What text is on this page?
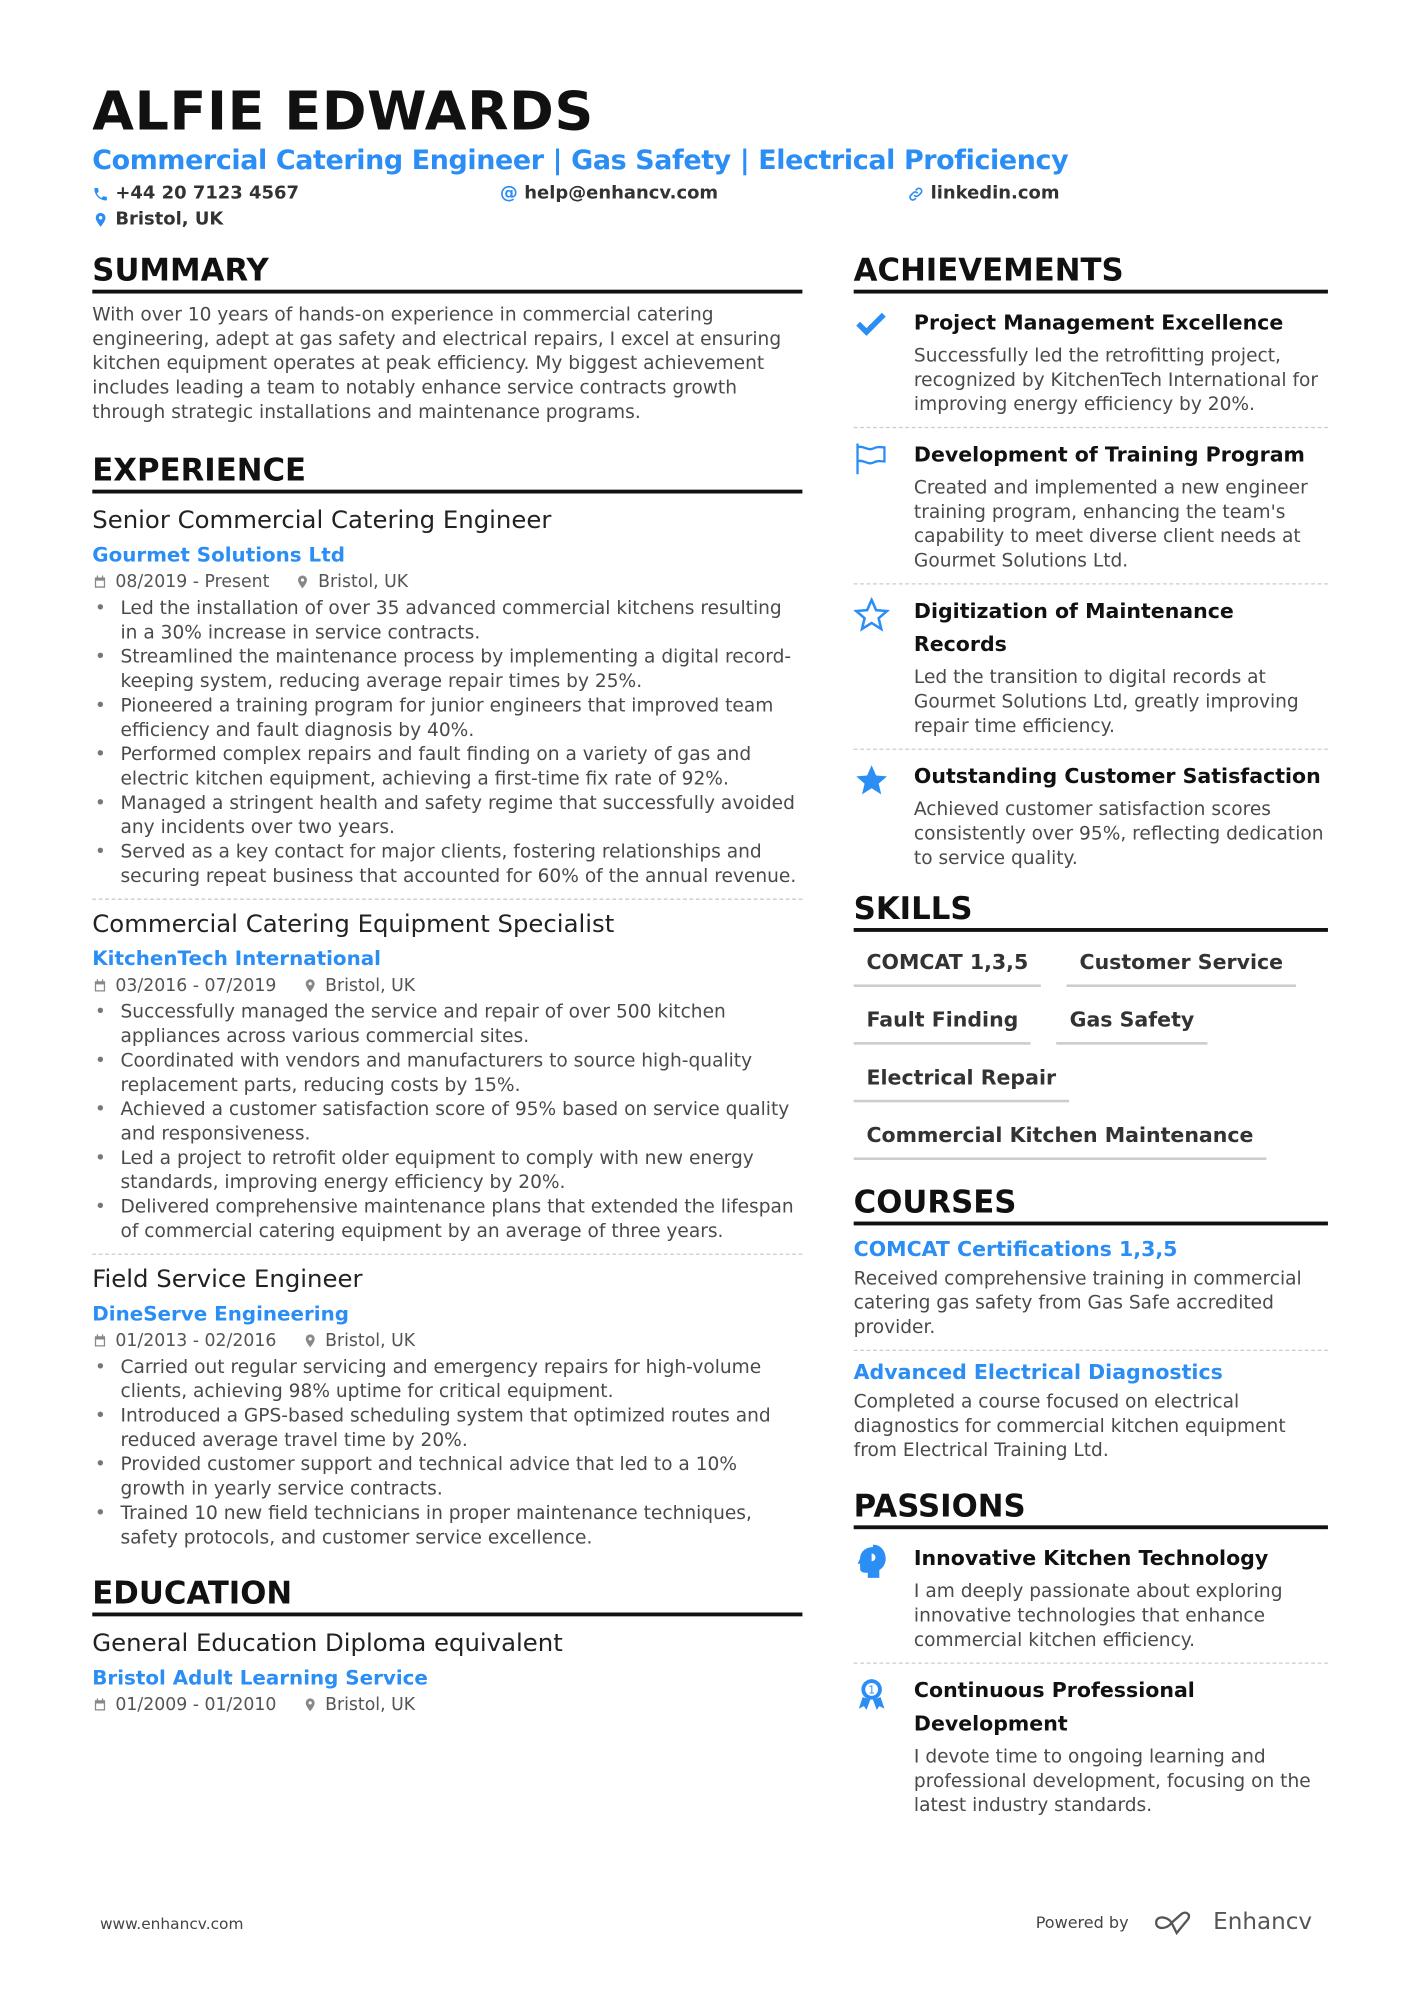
ALFIE EDWARDS
Commercial Catering Engineer | Gas Safety | Electrical Proficiency
+44 20 7123 4567	@ help@enhancv.com	linkedin.com
Bristol, UK
SUMMARY
With over 10 years of hands-on experience in commercial catering engineering, adept at gas safety and electrical repairs, I excel at ensuring kitchen equipment operates at peak efficiency. My biggest achievement includes leading a team to notably enhance service contracts growth through strategic installations and maintenance programs.
EXPERIENCE
Senior Commercial Catering Engineer
Gourmet Solutions Ltd
08/2019 - Present	Bristol, UK
• Led the installation of over 35 advanced commercial kitchens resulting in a 30% increase in service contracts.
• Streamlined the maintenance process by implementing a digital record-keeping system, reducing average repair times by 25%.
• Pioneered a training program for junior engineers that improved team efficiency and fault diagnosis by 40%.
• Performed complex repairs and fault finding on a variety of gas and electric kitchen equipment, achieving a first-time fix rate of 92%.
• Managed a stringent health and safety regime that successfully avoided any incidents over two years.
• Served as a key contact for major clients, fostering relationships and securing repeat business that accounted for 60% of the annual revenue.
Commercial Catering Equipment Specialist
KitchenTech International
03/2016 - 07/2019	Bristol, UK
• Successfully managed the service and repair of over 500 kitchen appliances across various commercial sites.
• Coordinated with vendors and manufacturers to source high-quality replacement parts, reducing costs by 15%.
• Achieved a customer satisfaction score of 95% based on service quality and responsiveness.
• Led a project to retrofit older equipment to comply with new energy standards, improving energy efficiency by 20%.
• Delivered comprehensive maintenance plans that extended the lifespan of commercial catering equipment by an average of three years.
Field Service Engineer
DineServe Engineering
01/2013 - 02/2016	Bristol, UK
• Carried out regular servicing and emergency repairs for high-volume clients, achieving 98% uptime for critical equipment.
• Introduced a GPS-based scheduling system that optimized routes and reduced average travel time by 20%.
• Provided customer support and technical advice that led to a 10% growth in yearly service contracts.
• Trained 10 new field technicians in proper maintenance techniques, safety protocols, and customer service excellence.
EDUCATION
General Education Diploma equivalent
Bristol Adult Learning Service
01/2009 - 01/2010	Bristol, UK
ACHIEVEMENTS
Project Management Excellence
Successfully led the retrofitting project, recognized by KitchenTech International for improving energy efficiency by 20%.
Development of Training Program
Created and implemented a new engineer training program, enhancing the team's capability to meet diverse client needs at Gourmet Solutions Ltd.
Digitization of Maintenance Records
Led the transition to digital records at Gourmet Solutions Ltd, greatly improving repair time efficiency.
Outstanding Customer Satisfaction
Achieved customer satisfaction scores consistently over 95%, reflecting dedication to service quality.
SKILLS
COMCAT 1,3,5	Customer Service
Fault Finding	Gas Safety
Electrical Repair
Commercial Kitchen Maintenance
COURSES
COMCAT Certifications 1,3,5
Received comprehensive training in commercial catering gas safety from Gas Safe accredited provider.
Advanced Electrical Diagnostics
Completed a course focused on electrical diagnostics for commercial kitchen equipment from Electrical Training Ltd.
PASSIONS
Innovative Kitchen Technology
I am deeply passionate about exploring innovative technologies that enhance commercial kitchen efficiency.
1 Continuous Professional Development
I devote time to ongoing learning and professional development, focusing on the latest industry standards.
www.enhancv.com	Powered by	Enhancv
